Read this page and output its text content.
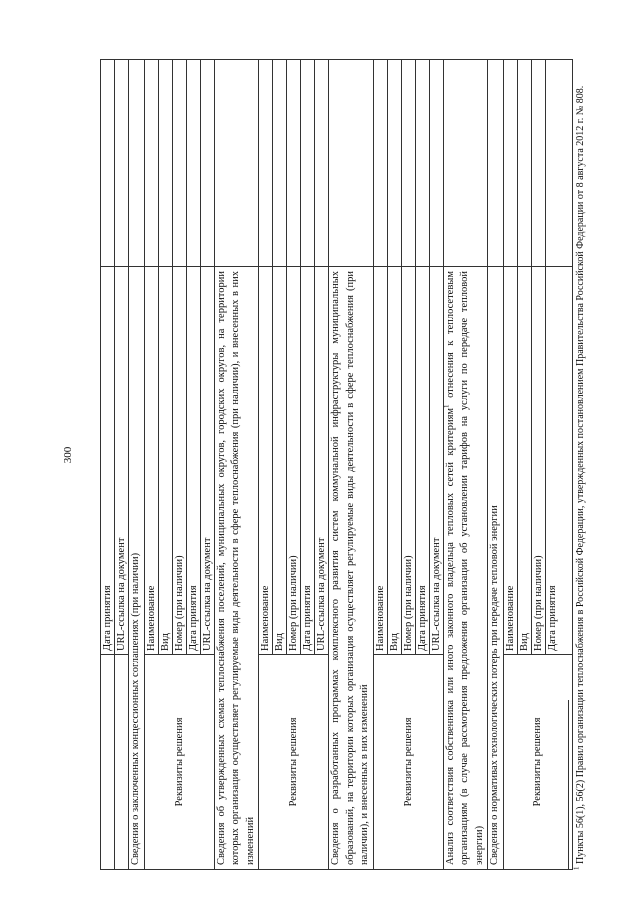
300
	Дата принятия	
	URL-ссылка на документ	
Сведения о заключенных концессионных соглашениях (при наличии)		
Реквизиты решения	Наименование	
	Вид	
	Номер (при наличии)	
	Дата принятия	
	URL-ссылка на документ	
Сведения об утвержденных схемах теплоснабжения поселений, муниципальных округов, городских округов, на территории которых организация осуществляет регулируемые виды деятельности в сфере теплоснабжения (при наличии), и внесенных в них изменений		
Реквизиты решения	Наименование	
	Вид	
	Номер (при наличии)	
	Дата принятия	
	URL-ссылка на документ	
Сведения о разработанных программах комплексного развития систем коммунальной инфраструктуры муниципальных образований, на территории которых организация осуществляет регулируемые виды деятельности в сфере теплоснабжения (при наличии), и внесенных в них изменений		
Реквизиты решения	Наименование	
	Вид	
	Номер (при наличии)	
	Дата принятия	
	URL-ссылка на документ	
Анализ соответствия собственника или иного законного владельца тепловых сетей критериям$^1$ отнесения к теплосетевым организациям (в случае рассмотрения предложения организации об установлении тарифов на услуги по передаче тепловой энергии)		
Сведения о нормативах технологических потерь при передаче тепловой энергии		
Реквизиты решения	Наименование	
	Вид	
	Номер (при наличии)	
	Дата принятия	
$^1$ Пункты 56(1), 56(2) Правил организации теплоснабжения в Российской Федерации, утвержденных постановлением Правительства Российской Федерации от 8 августа 2012 г. № 808.
